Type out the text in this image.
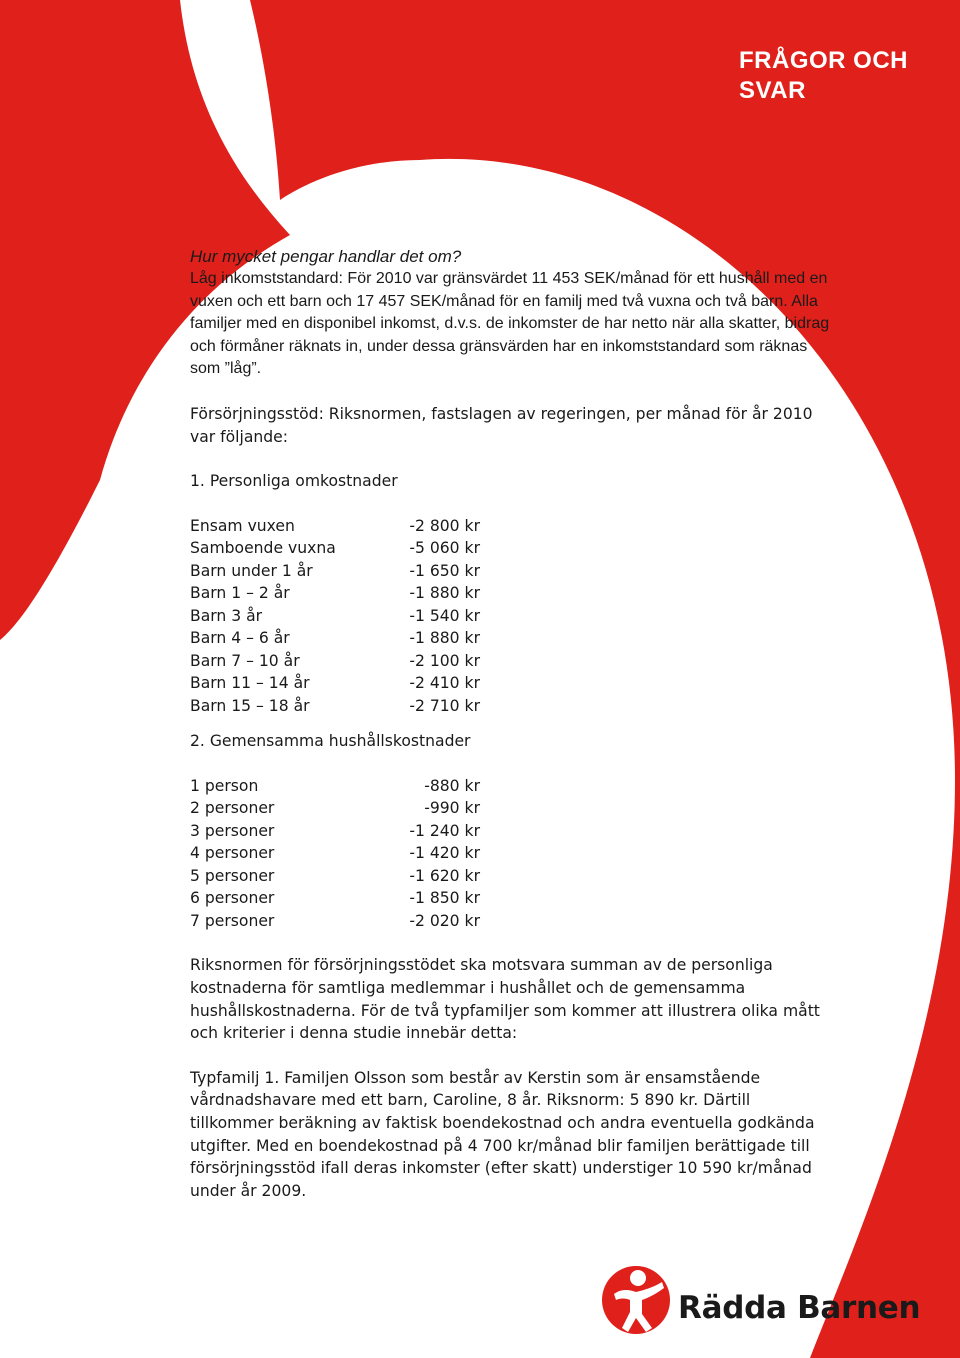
FRÅGOR OCH
SVAR

Hur mycket pengar handlar det om?

Låg inkomststandard: För 2010 var gränsvärdet 11 453 SEK/månad för ett hushåll med en vuxen och ett barn och 17 457 SEK/månad för en familj med två vuxna och två barn. Alla familjer med en disponibel inkomst, d.v.s. de inkomster de har netto när alla skatter, bidrag och förmåner räknats in, under dessa gränsvärden har en inkomststandard som räknas som ”låg”.

Försörjningsstöd: Riksnormen, fastslagen av regeringen, per månad för år 2010 var följande:

1. Personliga omkostnader

Ensam vuxen	-2 800 kr
Samboende vuxna	-5 060 kr
Barn under 1 år	-1 650 kr
Barn 1 – 2 år	-1 880 kr
Barn 3 år	-1 540 kr
Barn 4 – 6 år	-1 880 kr
Barn 7 – 10 år	-2 100 kr
Barn 11 – 14 år	-2 410 kr
Barn 15 – 18 år	-2 710 kr

2. Gemensamma hushållskostnader

1 person	-880 kr
2 personer	-990 kr
3 personer	-1 240 kr
4 personer	-1 420 kr
5 personer	-1 620 kr
6 personer	-1 850 kr
7 personer	-2 020 kr

Riksnormen för försörjningsstödet ska motsvara summan av de personliga kostnaderna för samtliga medlemmar i hushållet och de gemensamma hushållskostnaderna. För de två typfamiljer som kommer att illustrera olika mått och kriterier i denna studie innebär detta:

Typfamilj 1. Familjen Olsson som består av Kerstin som är ensamstående vårdnadshavare med ett barn, Caroline, 8 år. Riksnorm: 5 890 kr. Därtill tillkommer beräkning av faktisk boendekostnad och andra eventuella godkända utgifter. Med en boendekostnad på 4 700 kr/månad blir familjen berättigade till försörjningsstöd ifall deras inkomster (efter skatt) understiger 10 590 kr/månad under år 2009.

Rädda Barnen
